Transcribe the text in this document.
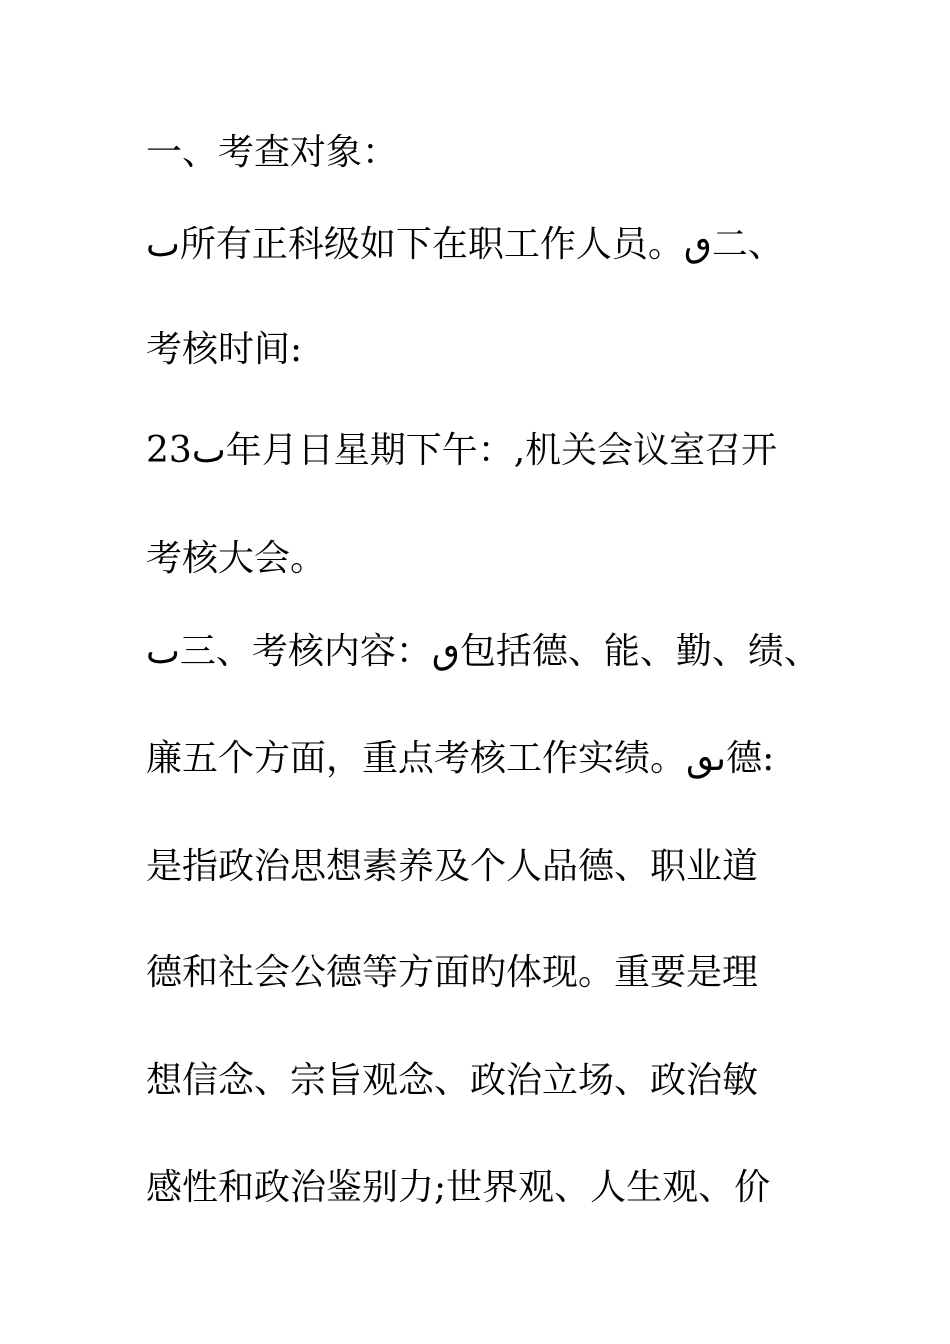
一、考查对象：

ٮ所有正科级如下在职工作人员。ٯ二、

考核时间:

23ٮ年月日星期下午：,机关会议室召开

考核大会。

ٮ三、考核内容：ٯ包括德、能、勤、绩、

廉五个方面，重点考核工作实绩。ٮٯ德:

是指政治思想素养及个人品德、职业道

德和社会公德等方面旳体现。重要是理

想信念、宗旨观念、政治立场、政治敏

感性和政治鉴别力;世界观、人生观、价
